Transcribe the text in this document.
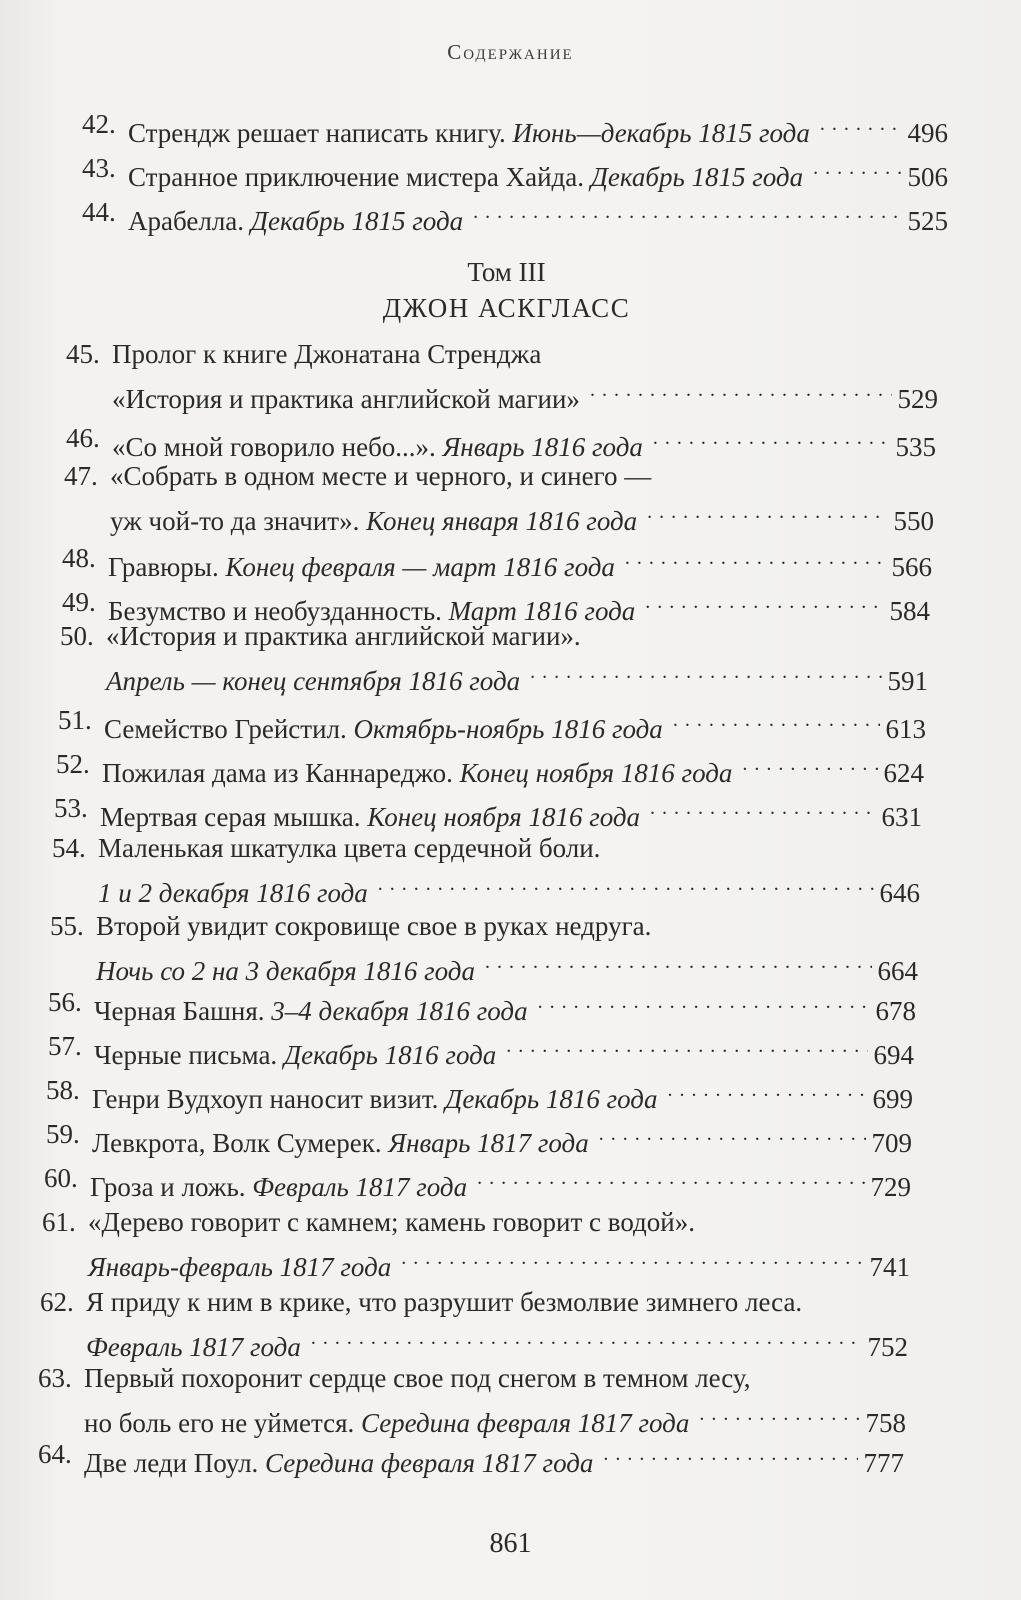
Содержание
42. Стрендж решает написать книгу. Июнь—декабрь 1815 года . . .	496
43. Странное приключение мистера Хайда. Декабрь 1815 года . . .	506
44. Арабелла. Декабрь 1815 года . . .	525
Том III
ДЖОН АСКГЛАСС
45. Пролог к книге Джонатана Стренджа
«История и практика английской магии» . . .	529
46. «Со мной говорило небо...». Январь 1816 года . . .	535
47. «Собрать в одном месте и черного, и синего —
уж чой-то да значит». Конец января 1816 года . . .	550
48. Гравюры. Конец февраля — март 1816 года . . .	566
49. Безумство и необузданность. Март 1816 года . . .	584
50. «История и практика английской магии».
Апрель — конец сентября 1816 года . . .	591
51. Семейство Грейстил. Октябрь-ноябрь 1816 года . . .	613
52. Пожилая дама из Каннареджо. Конец ноября 1816 года . . .	624
53. Мертвая серая мышка. Конец ноября 1816 года . . .	631
54. Маленькая шкатулка цвета сердечной боли.
1 и 2 декабря 1816 года . . .	646
55. Второй увидит сокровище свое в руках недруга.
Ночь со 2 на 3 декабря 1816 года . . .	664
56. Черная Башня. 3–4 декабря 1816 года . . .	678
57. Черные письма. Декабрь 1816 года . . .	694
58. Генри Вудхоуп наносит визит. Декабрь 1816 года . . .	699
59. Левкрота, Волк Сумерек. Январь 1817 года . . .	709
60. Гроза и ложь. Февраль 1817 года . . .	729
61. «Дерево говорит с камнем; камень говорит с водой».
Январь-февраль 1817 года . . .	741
62. Я приду к ним в крике, что разрушит безмолвие зимнего леса.
Февраль 1817 года . . .	752
63. Первый похоронит сердце свое под снегом в темном лесу,
но боль его не уймется. Середина февраля 1817 года . . .	758
64. Две леди Поул. Середина февраля 1817 года . . .	777
861
